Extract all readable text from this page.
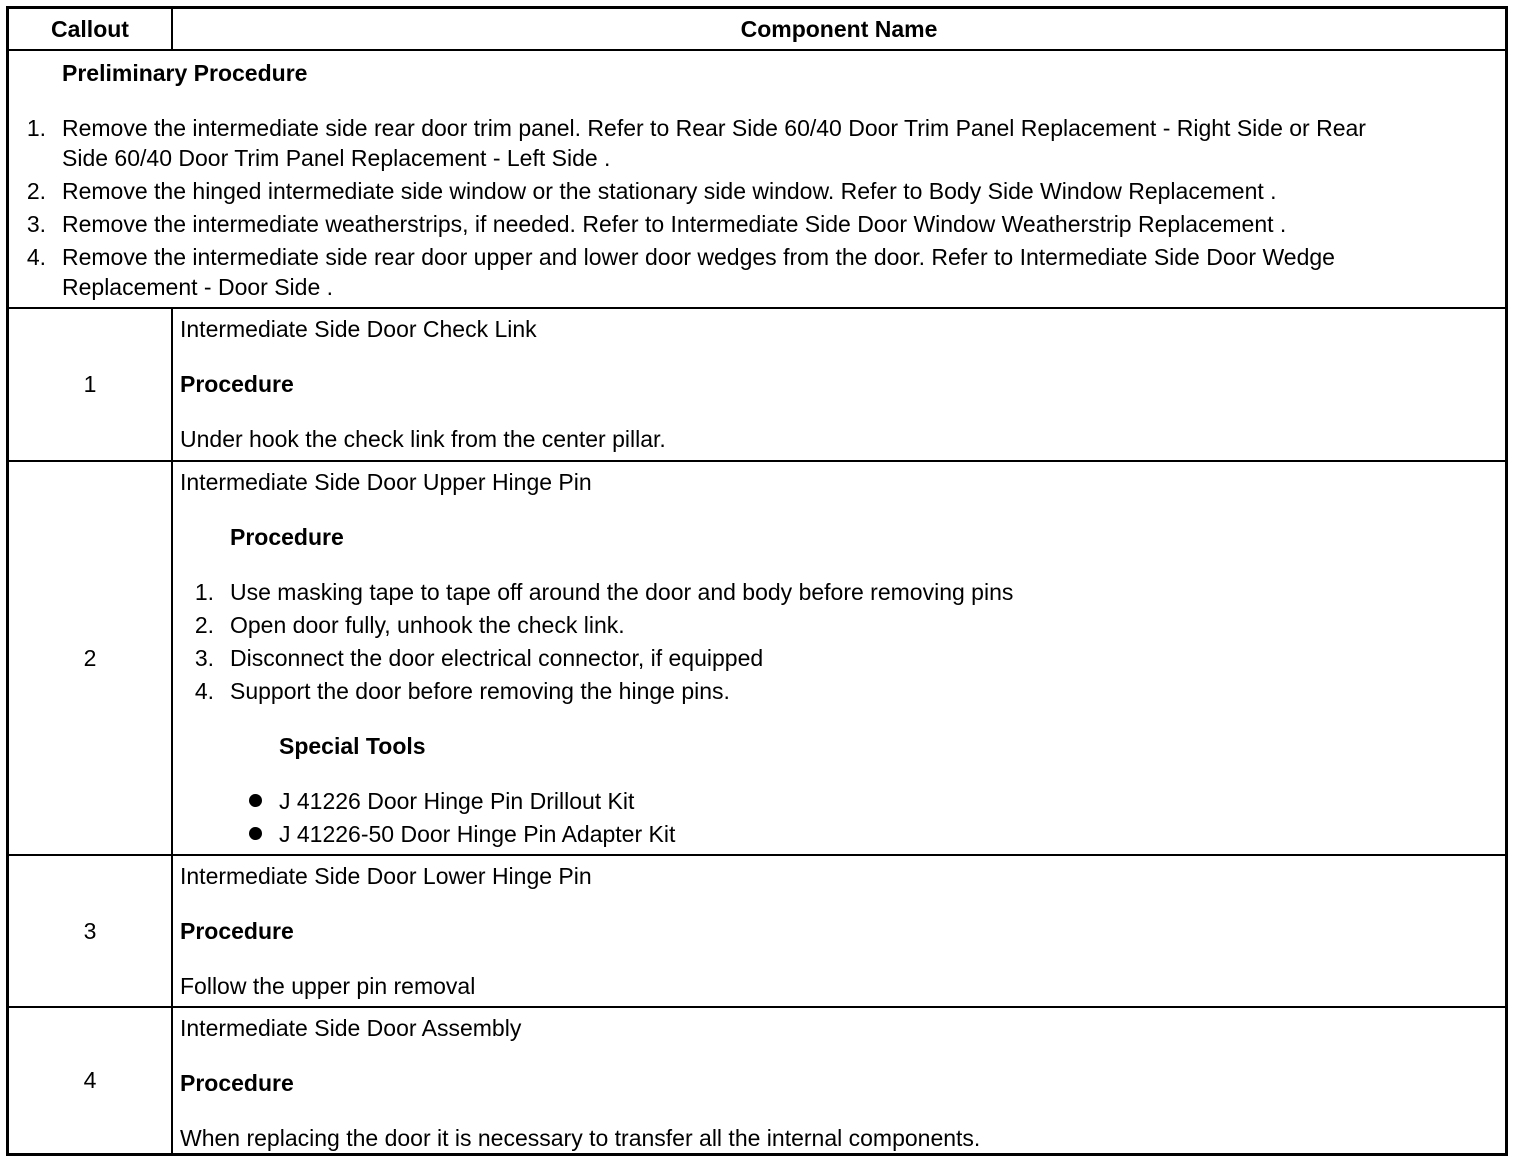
Callout	Component Name
Preliminary Procedure
1. Remove the intermediate side rear door trim panel. Refer to Rear Side 60/40 Door Trim Panel Replacement - Right Side or Rear
Side 60/40 Door Trim Panel Replacement - Left Side .
2. Remove the hinged intermediate side window or the stationary side window. Refer to Body Side Window Replacement .
3. Remove the intermediate weatherstrips, if needed. Refer to Intermediate Side Door Window Weatherstrip Replacement .
4. Remove the intermediate side rear door upper and lower door wedges from the door. Refer to Intermediate Side Door Wedge
Replacement - Door Side .
1
Intermediate Side Door Check Link
Procedure
Under hook the check link from the center pillar.
2
Intermediate Side Door Upper Hinge Pin
Procedure
1. Use masking tape to tape off around the door and body before removing pins
2. Open door fully, unhook the check link.
3. Disconnect the door electrical connector, if equipped
4. Support the door before removing the hinge pins.
Special Tools
J 41226 Door Hinge Pin Drillout Kit
J 41226-50 Door Hinge Pin Adapter Kit
3
Intermediate Side Door Lower Hinge Pin
Procedure
Follow the upper pin removal
4
Intermediate Side Door Assembly
Procedure
When replacing the door it is necessary to transfer all the internal components.
